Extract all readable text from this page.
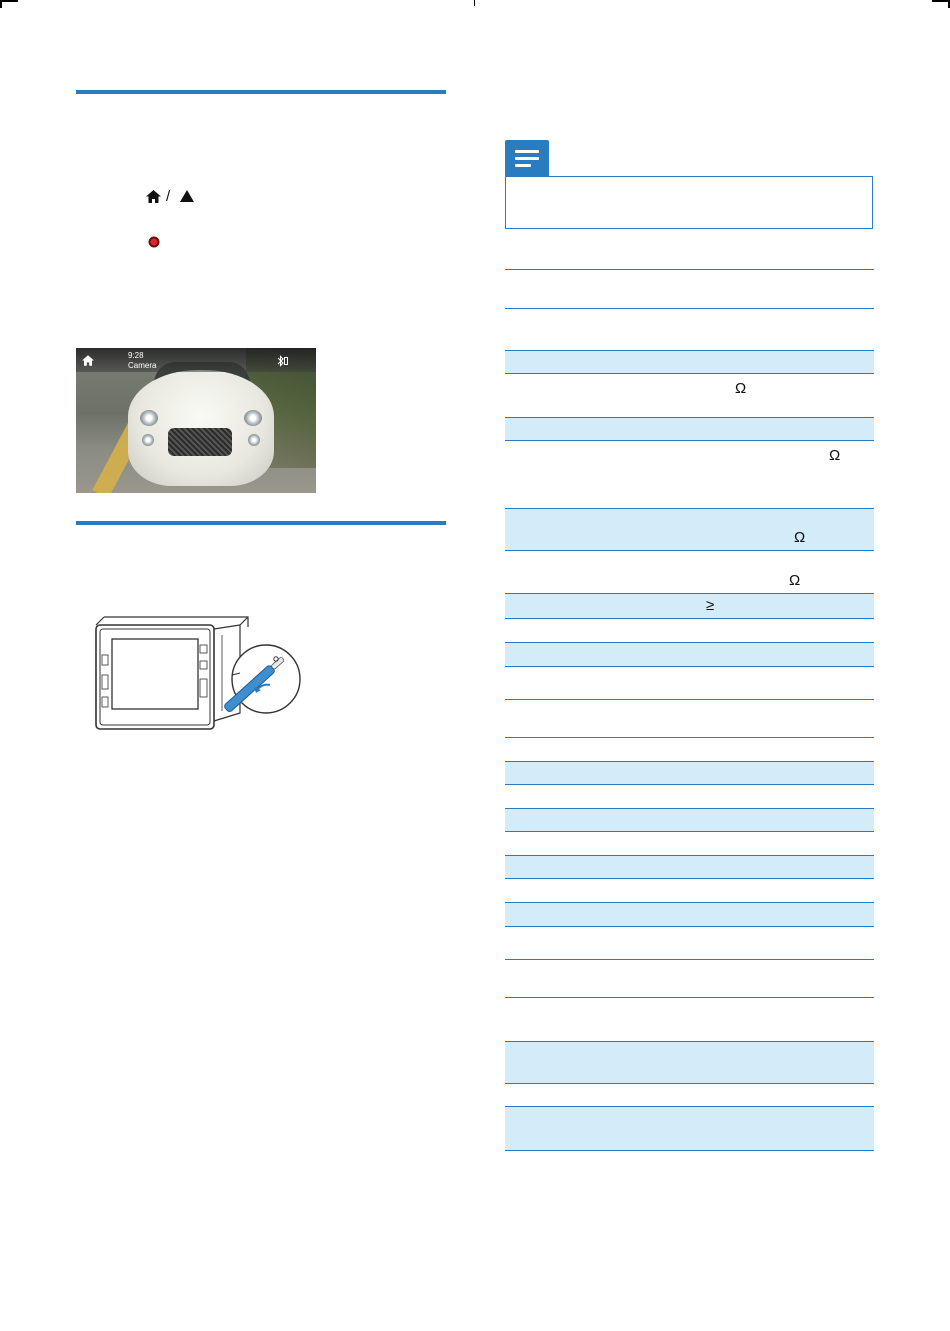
/
9:28
Camera
Ω
Ω
Ω
Ω
≥
